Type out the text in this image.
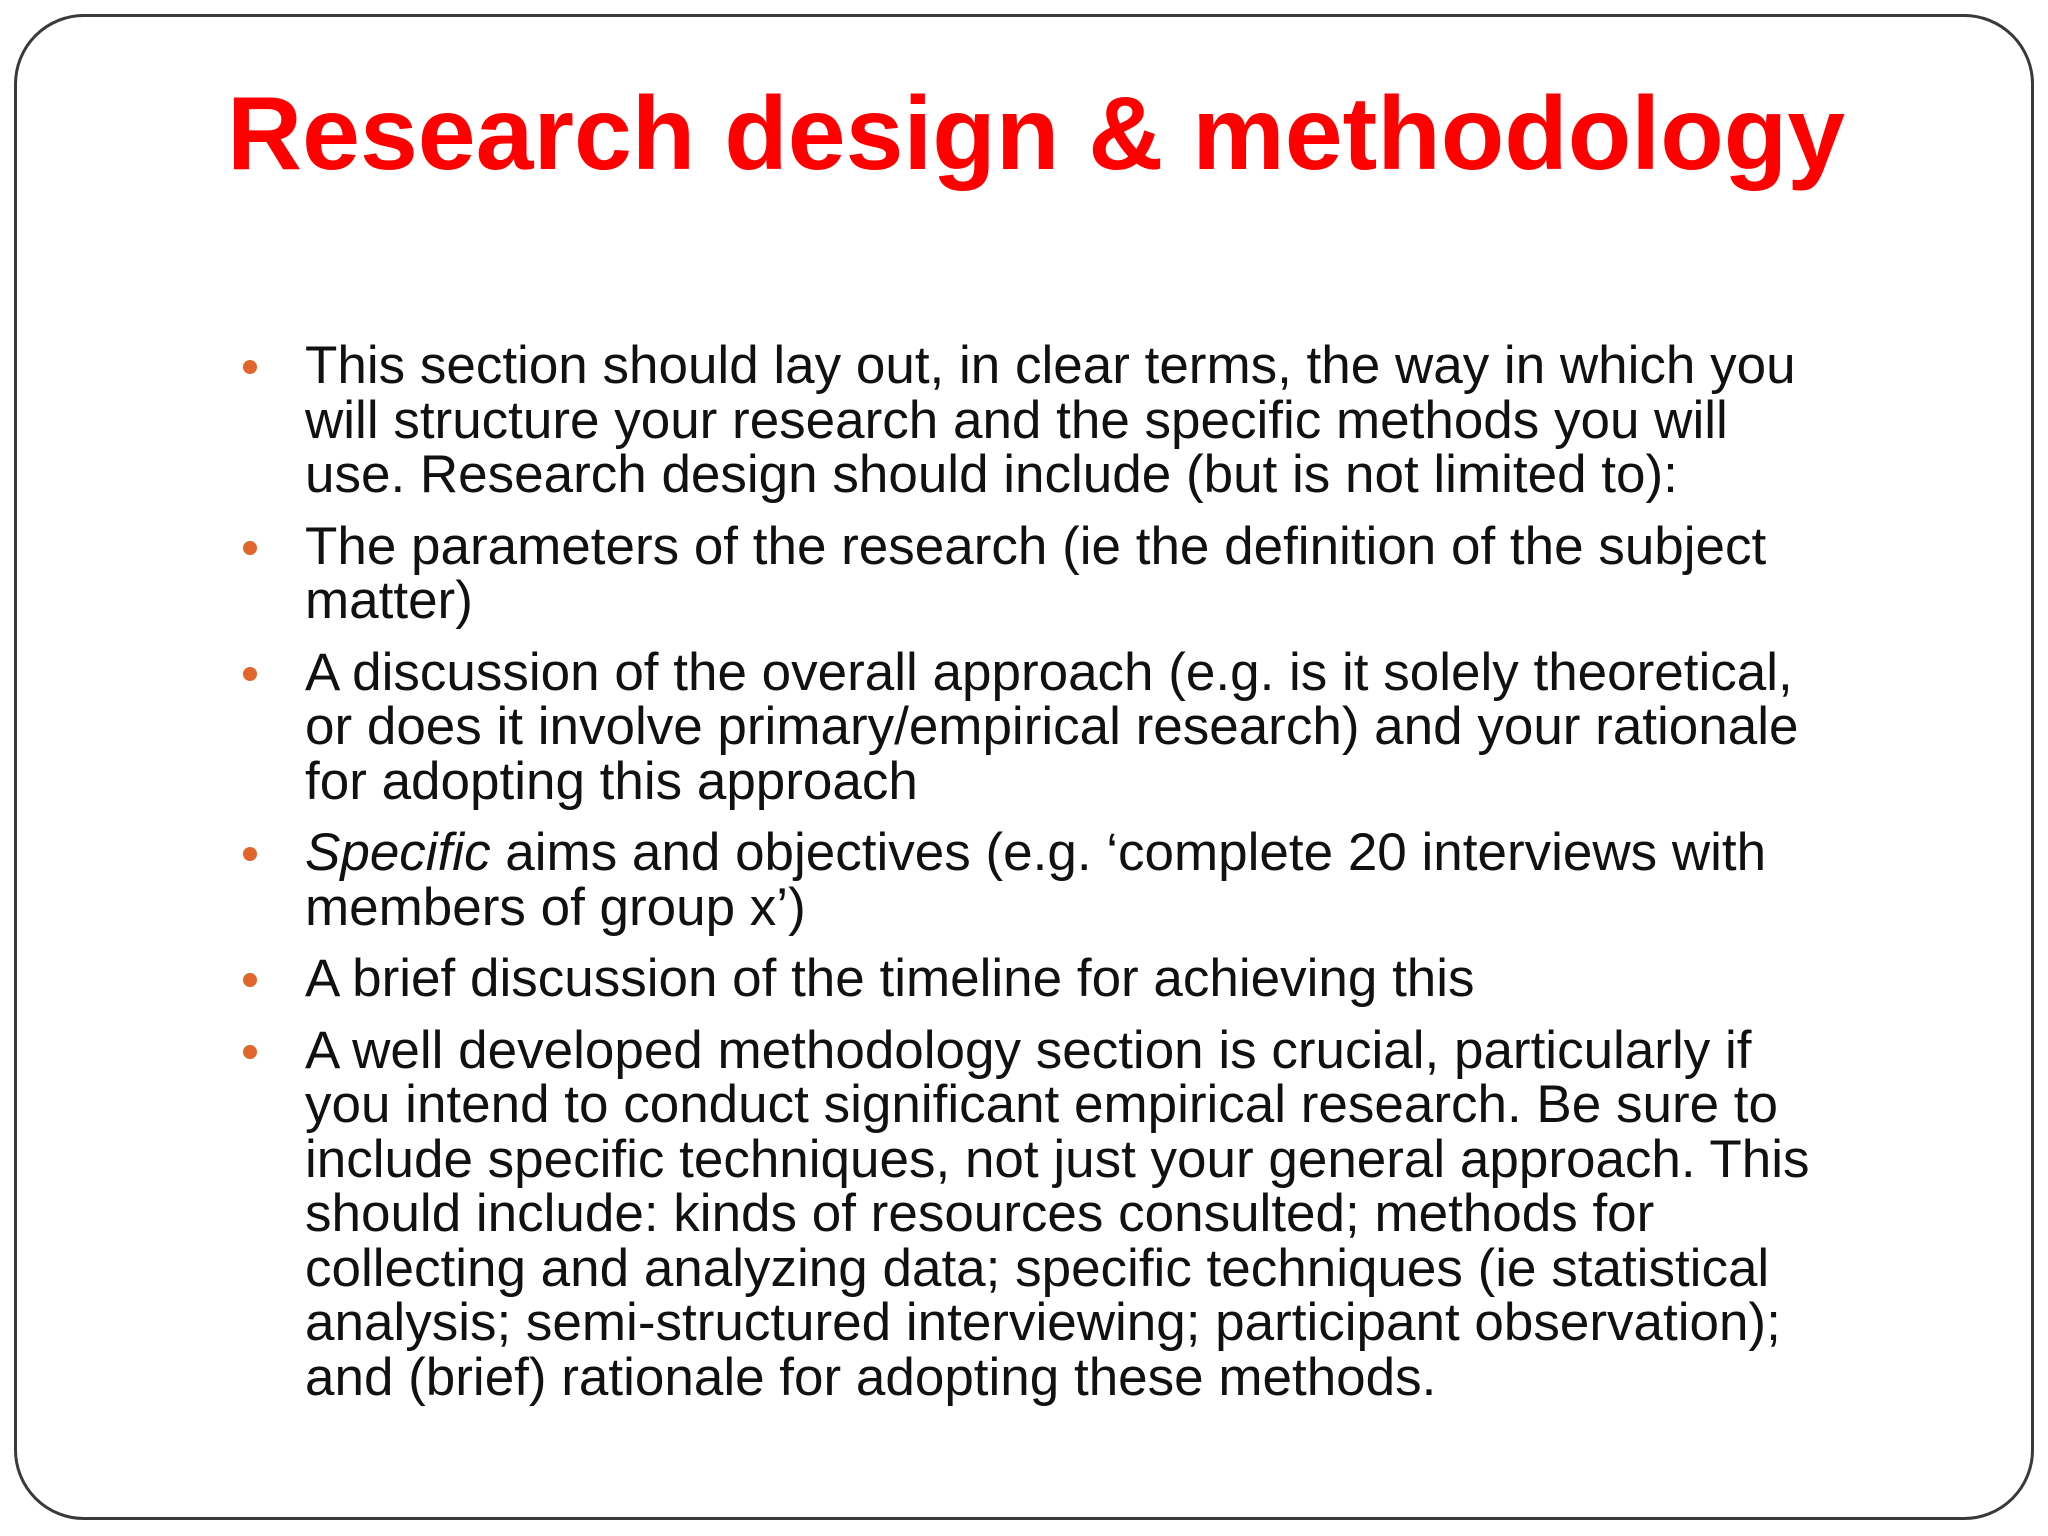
Research design & methodology
This section should lay out, in clear terms, the way in which you
will structure your research and the specific methods you will
use. Research design should include (but is not limited to):
The parameters of the research (ie the definition of the subject
matter)
A discussion of the overall approach (e.g. is it solely theoretical,
or does it involve primary/empirical research) and your rationale
for adopting this approach
Specific aims and objectives (e.g. ‘complete 20 interviews with
members of group x’)
A brief discussion of the timeline for achieving this
A well developed methodology section is crucial, particularly if
you intend to conduct significant empirical research. Be sure to
include specific techniques, not just your general approach. This
should include: kinds of resources consulted; methods for
collecting and analyzing data; specific techniques (ie statistical
analysis; semi-structured interviewing; participant observation);
and (brief) rationale for adopting these methods.
